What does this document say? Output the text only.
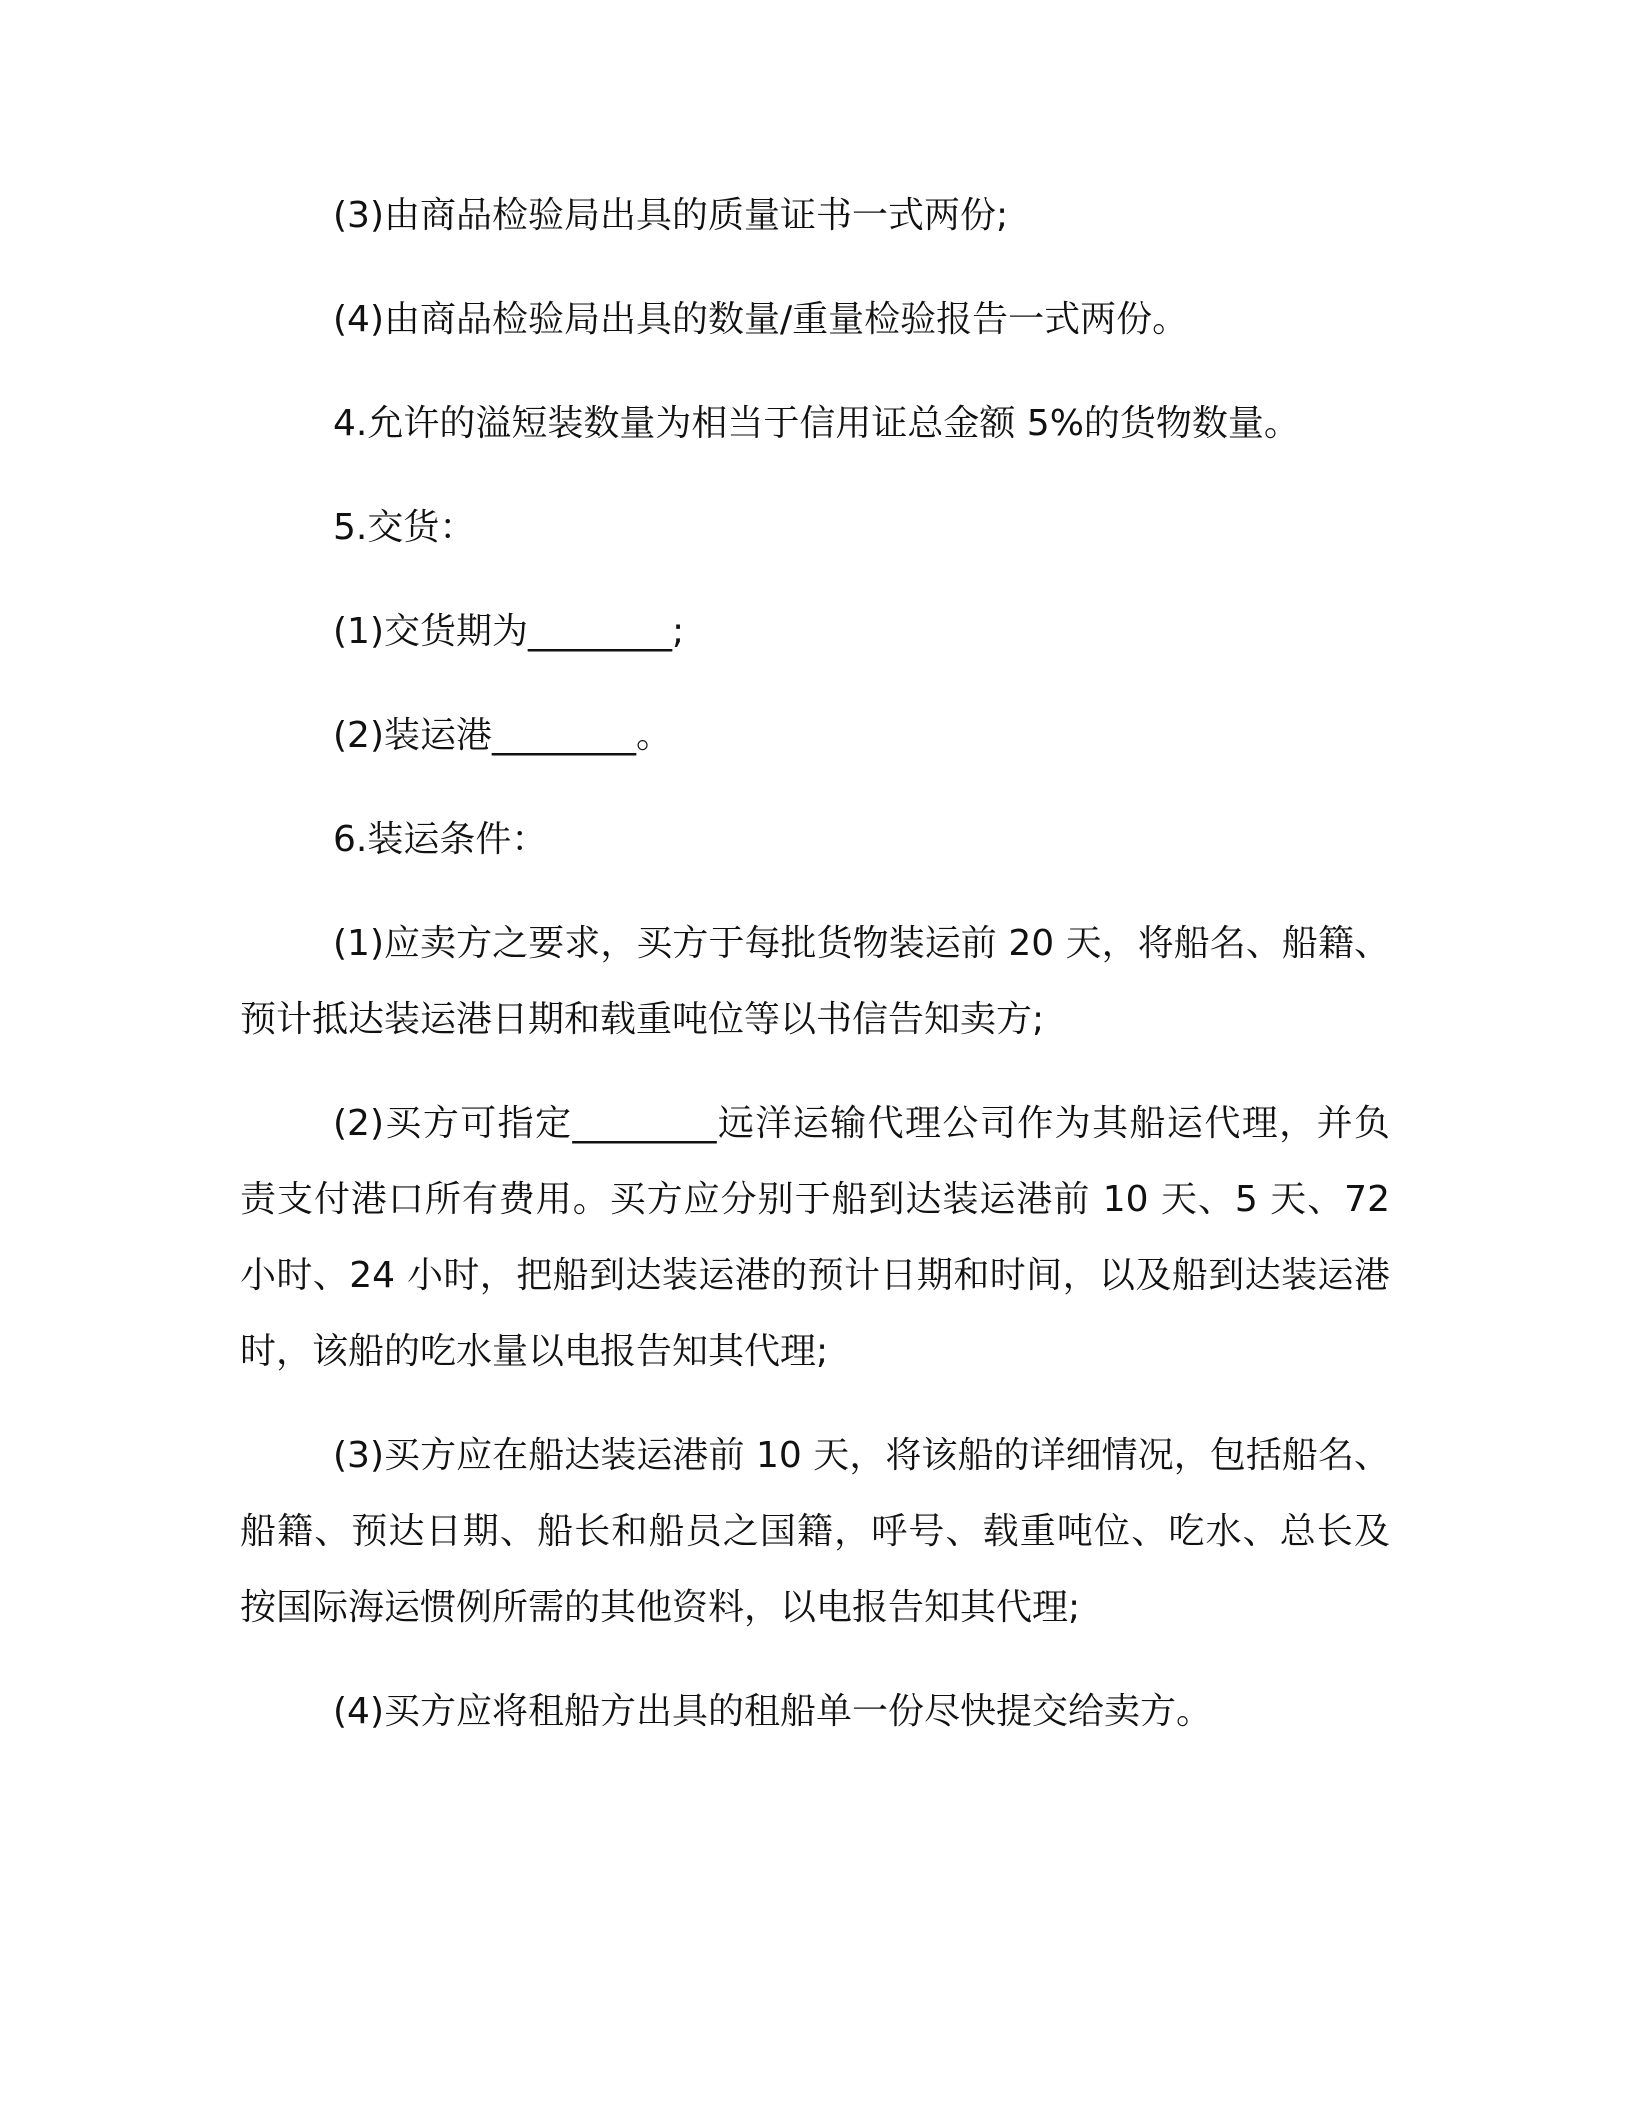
(3)由商品检验局出具的质量证书一式两份;

(4)由商品检验局出具的数量/重量检验报告一式两份。

4.允许的溢短装数量为相当于信用证总金额 5%的货物数量。

5.交货：

(1)交货期为________;

(2)装运港________。

6.装运条件：

(1)应卖方之要求，买方于每批货物装运前 20 天，将船名、船籍、预计抵达装运港日期和载重吨位等以书信告知卖方;

(2)买方可指定________远洋运输代理公司作为其船运代理，并负责支付港口所有费用。买方应分别于船到达装运港前 10 天、5 天、72 小时、24 小时，把船到达装运港的预计日期和时间，以及船到达装运港时，该船的吃水量以电报告知其代理;

(3)买方应在船达装运港前 10 天，将该船的详细情况，包括船名、船籍、预达日期、船长和船员之国籍，呼号、载重吨位、吃水、总长及按国际海运惯例所需的其他资料，以电报告知其代理;

(4)买方应将租船方出具的租船单一份尽快提交给卖方。
